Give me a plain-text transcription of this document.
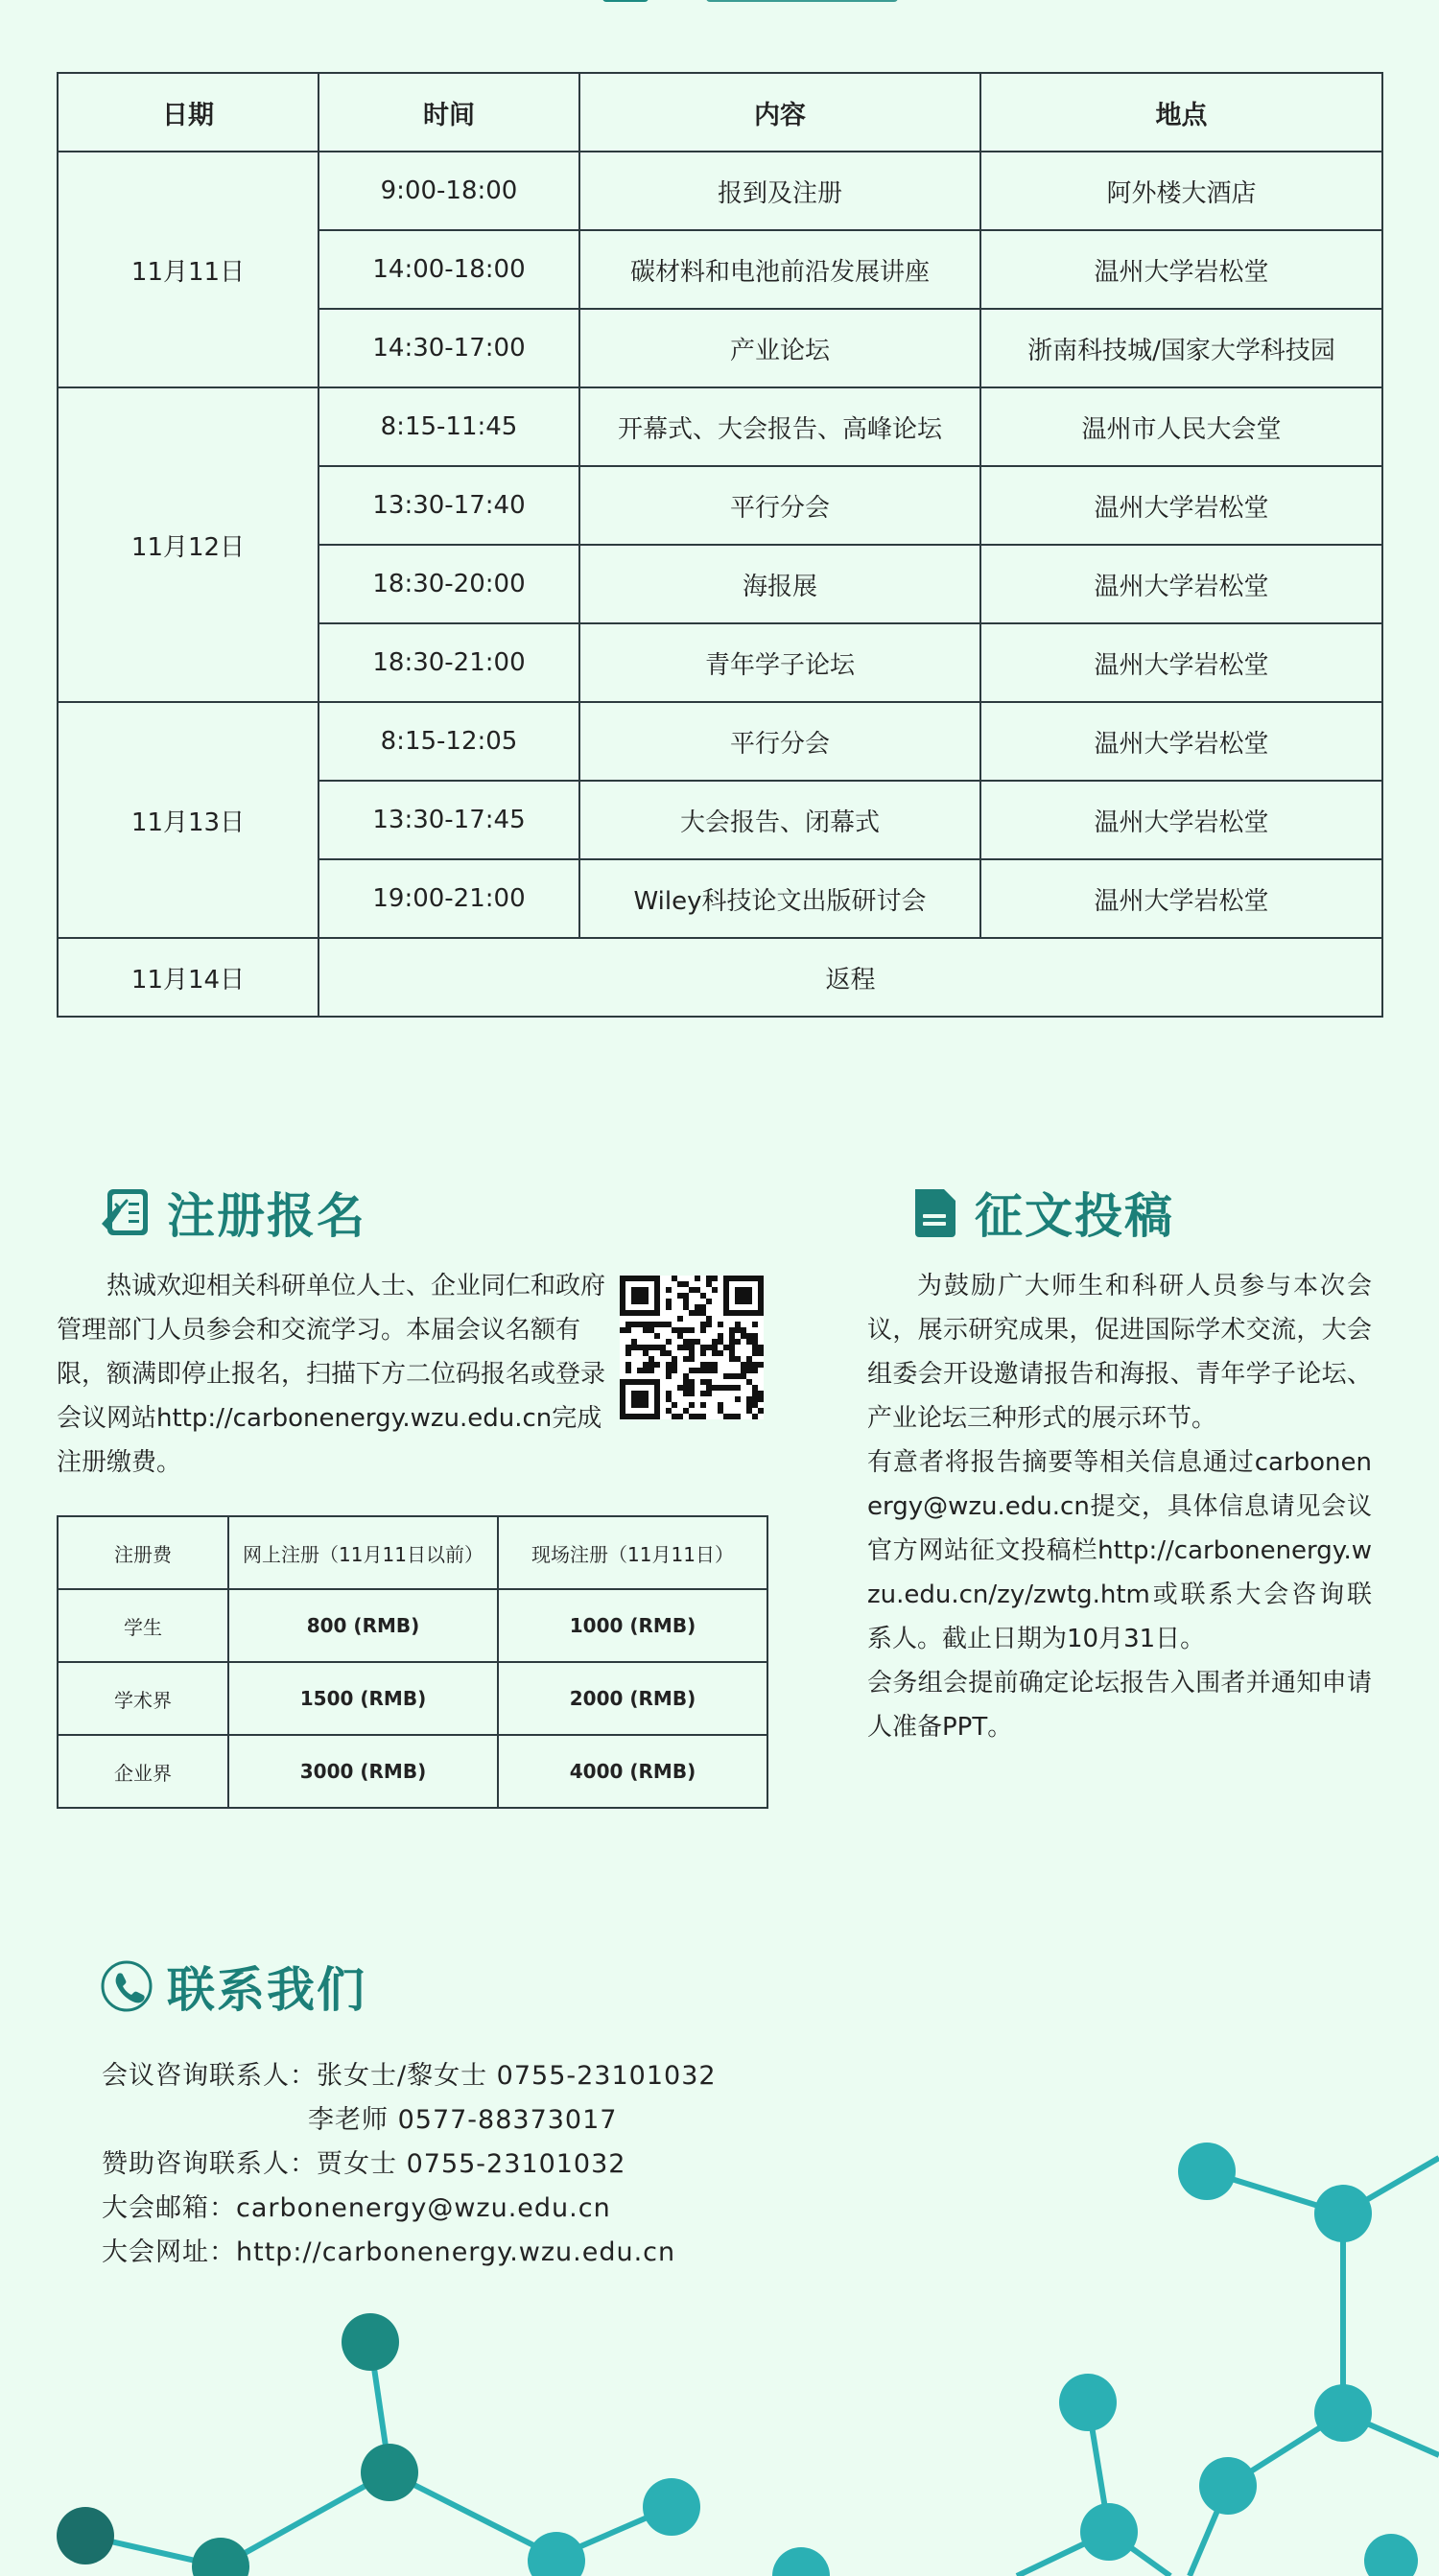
日期	时间	内容	地点
11月11日	9:00-18:00	报到及注册	阿外楼大酒店
	14:00-18:00	碳材料和电池前沿发展讲座	温州大学岩松堂
	14:30-17:00	产业论坛	浙南科技城/国家大学科技园
11月12日	8:15-11:45	开幕式、大会报告、高峰论坛	温州市人民大会堂
	13:30-17:40	平行分会	温州大学岩松堂
	18:30-20:00	海报展	温州大学岩松堂
	18:30-21:00	青年学子论坛	温州大学岩松堂
11月13日	8:15-12:05	平行分会	温州大学岩松堂
	13:30-17:45	大会报告、闭幕式	温州大学岩松堂
	19:00-21:00	Wiley科技论文出版研讨会	温州大学岩松堂
11月14日	返程		
注册报名
热诚欢迎相关科研单位人士、企业同仁和政府管理部门人员参会和交流学习。本届会议名额有限，额满即停止报名，扫描下方二位码报名或登录会议网站http://carbonenergy.wzu.edu.cn完成注册缴费。
注册费	网上注册（11月11日以前）	现场注册（11月11日）
学生	800 (RMB)	1000 (RMB)
学术界	1500 (RMB)	2000 (RMB)
企业界	3000 (RMB)	4000 (RMB)
征文投稿

为鼓励广大师生和科研人员参与本次会议，展示研究成果，促进国际学术交流，大会组委会开设邀请报告和海报、青年学子论坛、产业论坛三种形式的展示环节。

有意者将报告摘要等相关信息通过carbonenergy@wzu.edu.cn提交，具体信息请见会议官方网站征文投稿栏http://carbonenergy.wzu.edu.cn/zy/zwtg.htm或联系大会咨询联系人。截止日期为10月31日。

会务组会提前确定论坛报告入围者并通知申请人准备PPT。

联系我们
会议咨询联系人：张女士/黎女士 0755-23101032
李老师 0577-88373017
赞助咨询联系人：贾女士 0755-23101032
大会邮箱：carbonenergy@wzu.edu.cn
大会网址：http://carbonenergy.wzu.edu.cn
